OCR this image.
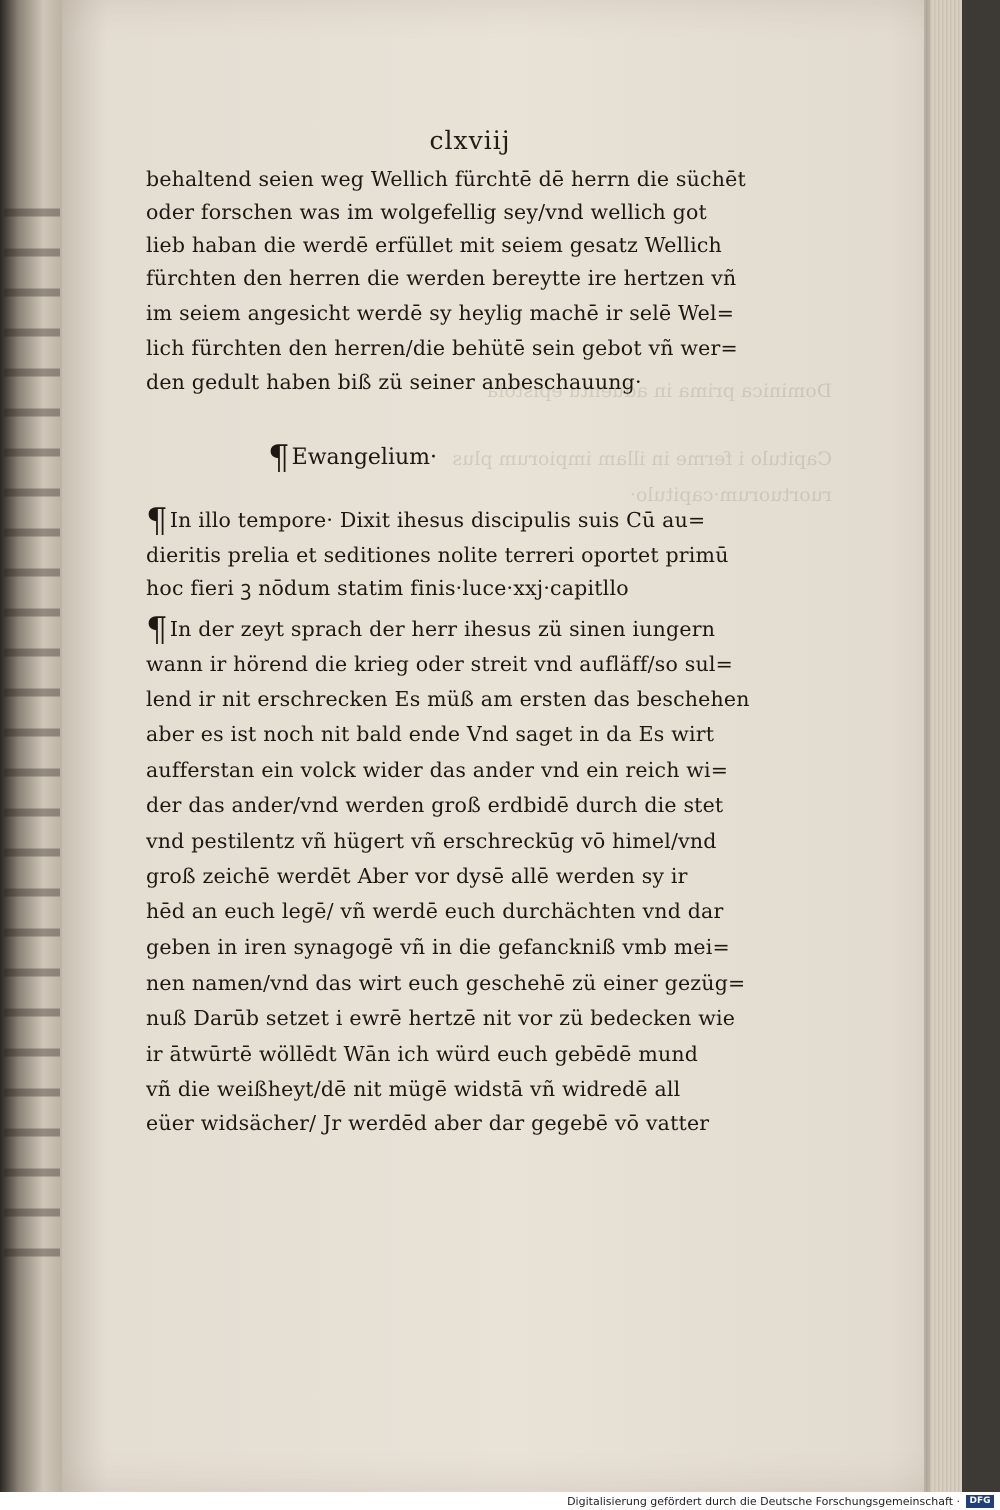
Dominica prima in aduentu epistola
Capitulo i ferme in illam impiorum plus
ruortuorum·capitulo·
clxviij
behaltend seien weg Wellich fürchtē dē herrn die süchēt
oder forschen was im wolgefellig sey/vnd wellich got
lieb haban die werdē erfüllet mit seiem gesatz Wellich
fürchten den herren die werden bereytte ire hertzen vñ
im seiem angesicht werdē sy heylig machē ir selē Wel=
lich fürchten den herren/die behütē sein gebot vñ wer=
den gedult haben biß zü seiner anbeschauung·
¶In illo tempore· Dixit ihesus discipulis suis Cū au=
dieritis prelia et seditiones nolite terreri oportet primū
hoc fieri ꝫ nōdum statim finis·luce·xxj·capitllo
¶In der zeyt sprach der herr ihesus zü sinen iungern
wann ir hörend die krieg oder streit vnd aufläff/so sul=
lend ir nit erschrecken Es müß am ersten das beschehen
aber es ist noch nit bald ende Vnd saget in da Es wirt
aufferstan ein volck wider das ander vnd ein reich wi=
der das ander/vnd werden groß erdbidē durch die stet
vnd pestilentz vñ hügert vñ erschreckūg vō himel/vnd
groß zeichē werdēt Aber vor dysē allē werden sy ir
hēd an euch legē/ vñ werdē euch durchächten vnd dar
geben in iren synagogē vñ in die gefanckniß vmb mei=
nen namen/vnd das wirt euch geschehē zü einer gezüg=
nuß Darūb setzet i ewrē hertzē nit vor zü bedecken wie
ir ātwūrtē wöllēdt Wān ich würd euch gebēdē mund
vñ die weißheyt/dē nit mügē widstā vñ widredē all
eüer widsächer/ Jr werdēd aber dar gegebē vō vatter
¶Ewangelium·
Digitalisierung gefördert durch die Deutsche Forschungsgemeinschaft ·	DFG
